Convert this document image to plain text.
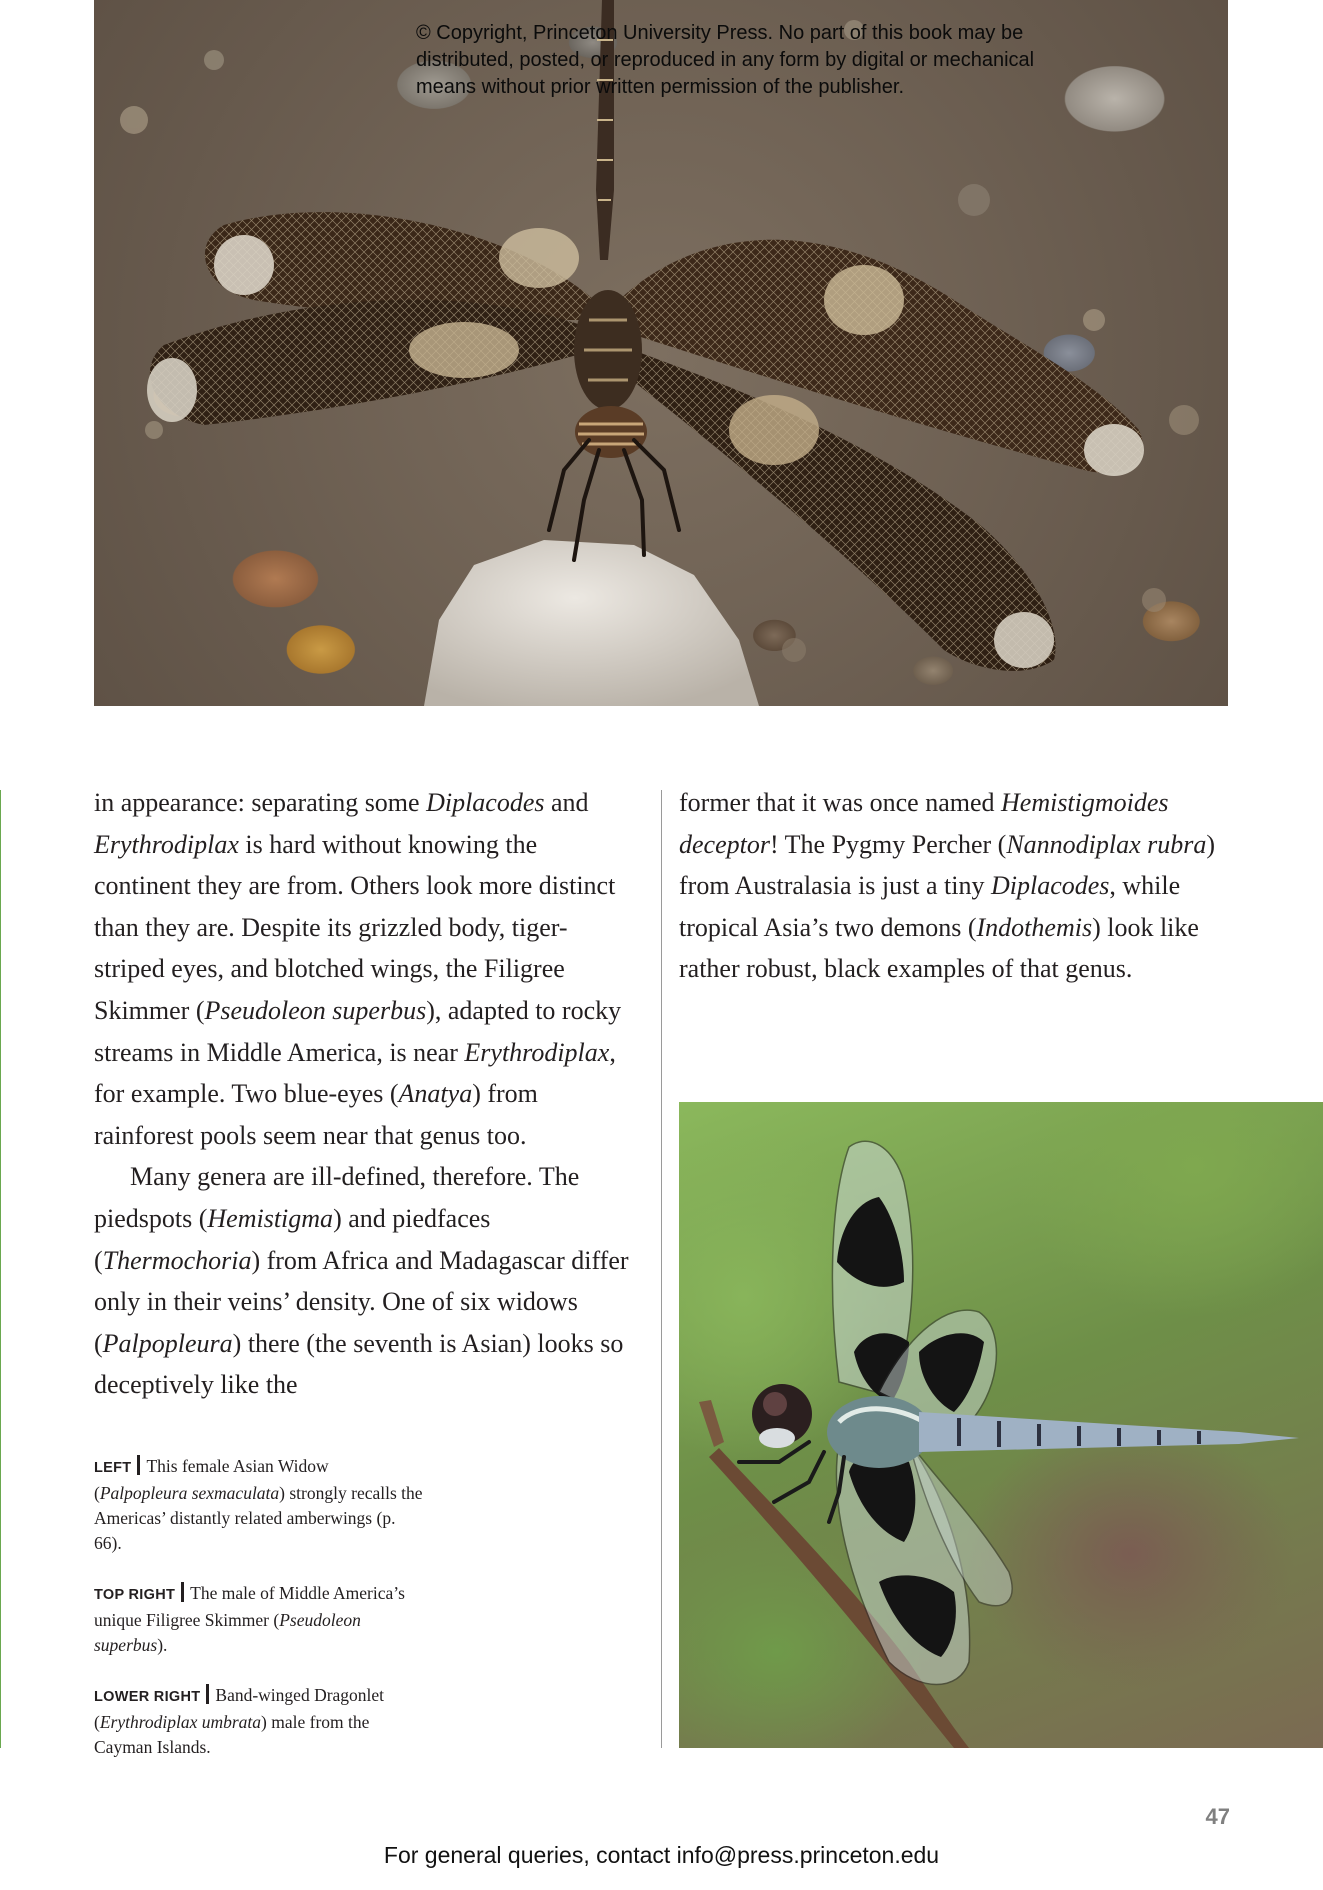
© Copyright, Princeton University Press. No part of this book may be
distributed, posted, or reproduced in any form by digital or mechanical
means without prior written permission of the publisher.

in appearance: separating some Diplacodes and Erythrodiplax is hard without knowing the continent they are from. Others look more distinct than they are. Despite its grizzled body, tiger-striped eyes, and blotched wings, the Filigree Skimmer (Pseudoleon superbus), adapted to rocky streams in Middle America, is near Erythrodiplax, for example. Two blue-eyes (Anatya) from rainforest pools seem near that genus too.

Many genera are ill-defined, therefore. The piedspots (Hemistigma) and piedfaces (Thermochoria) from Africa and Madagascar differ only in their veins’ density. One of six widows (Palpopleura) there (the seventh is Asian) looks so deceptively like the

former that it was once named Hemistigmoides deceptor! The Pygmy Percher (Nannodiplax rubra) from Australasia is just a tiny Diplacodes, while tropical Asia’s two demons (Indothemis) look like rather robust, black examples of that genus.

LEFT This female Asian Widow (Palpopleura sexmaculata) strongly recalls the Americas’ distantly related amberwings (p. 66).

TOP RIGHT The male of Middle America’s unique Filigree Skimmer (Pseudoleon superbus).

LOWER RIGHT Band-winged Dragonlet (Erythrodiplax umbrata) male from the Cayman Islands.

47
For general queries, contact info@press.princeton.edu
